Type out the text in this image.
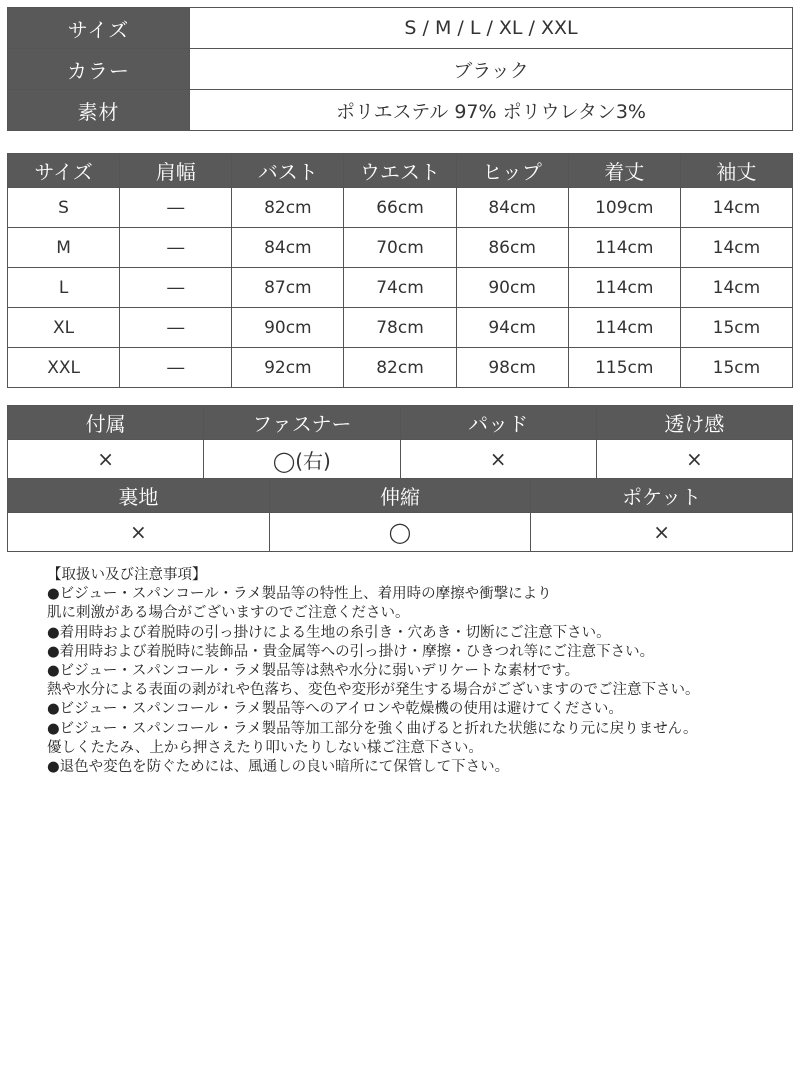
サイズ	S / M / L / XL / XXL
カラー	ブラック
素材	ポリエステル 97% ポリウレタン3%
サイズ	肩幅	バスト	ウエスト	ヒップ	着丈	袖丈
S	―	82cm	66cm	84cm	109cm	14cm
M	―	84cm	70cm	86cm	114cm	14cm
L	―	87cm	74cm	90cm	114cm	14cm
XL	―	90cm	78cm	94cm	114cm	15cm
XXL	―	92cm	82cm	98cm	115cm	15cm
付属	ファスナー	パッド	透け感
×	◯(右)	×	×
裏地	伸縮	ポケット
×	◯	×
【取扱い及び注意事項】
●ビジュー・スパンコール・ラメ製品等の特性上、着用時の摩擦や衝撃により
肌に刺激がある場合がございますのでご注意ください。
●着用時および着脱時の引っ掛けによる生地の糸引き・穴あき・切断にご注意下さい。
●着用時および着脱時に装飾品・貴金属等への引っ掛け・摩擦・ひきつれ等にご注意下さい。
●ビジュー・スパンコール・ラメ製品等は熱や水分に弱いデリケートな素材です。
熱や水分による表面の剥がれや色落ち、変色や変形が発生する場合がございますのでご注意下さい。
●ビジュー・スパンコール・ラメ製品等へのアイロンや乾燥機の使用は避けてください。
●ビジュー・スパンコール・ラメ製品等加工部分を強く曲げると折れた状態になり元に戻りません。
優しくたたみ、上から押さえたり叩いたりしない様ご注意下さい。
●退色や変色を防ぐためには、風通しの良い暗所にて保管して下さい。
